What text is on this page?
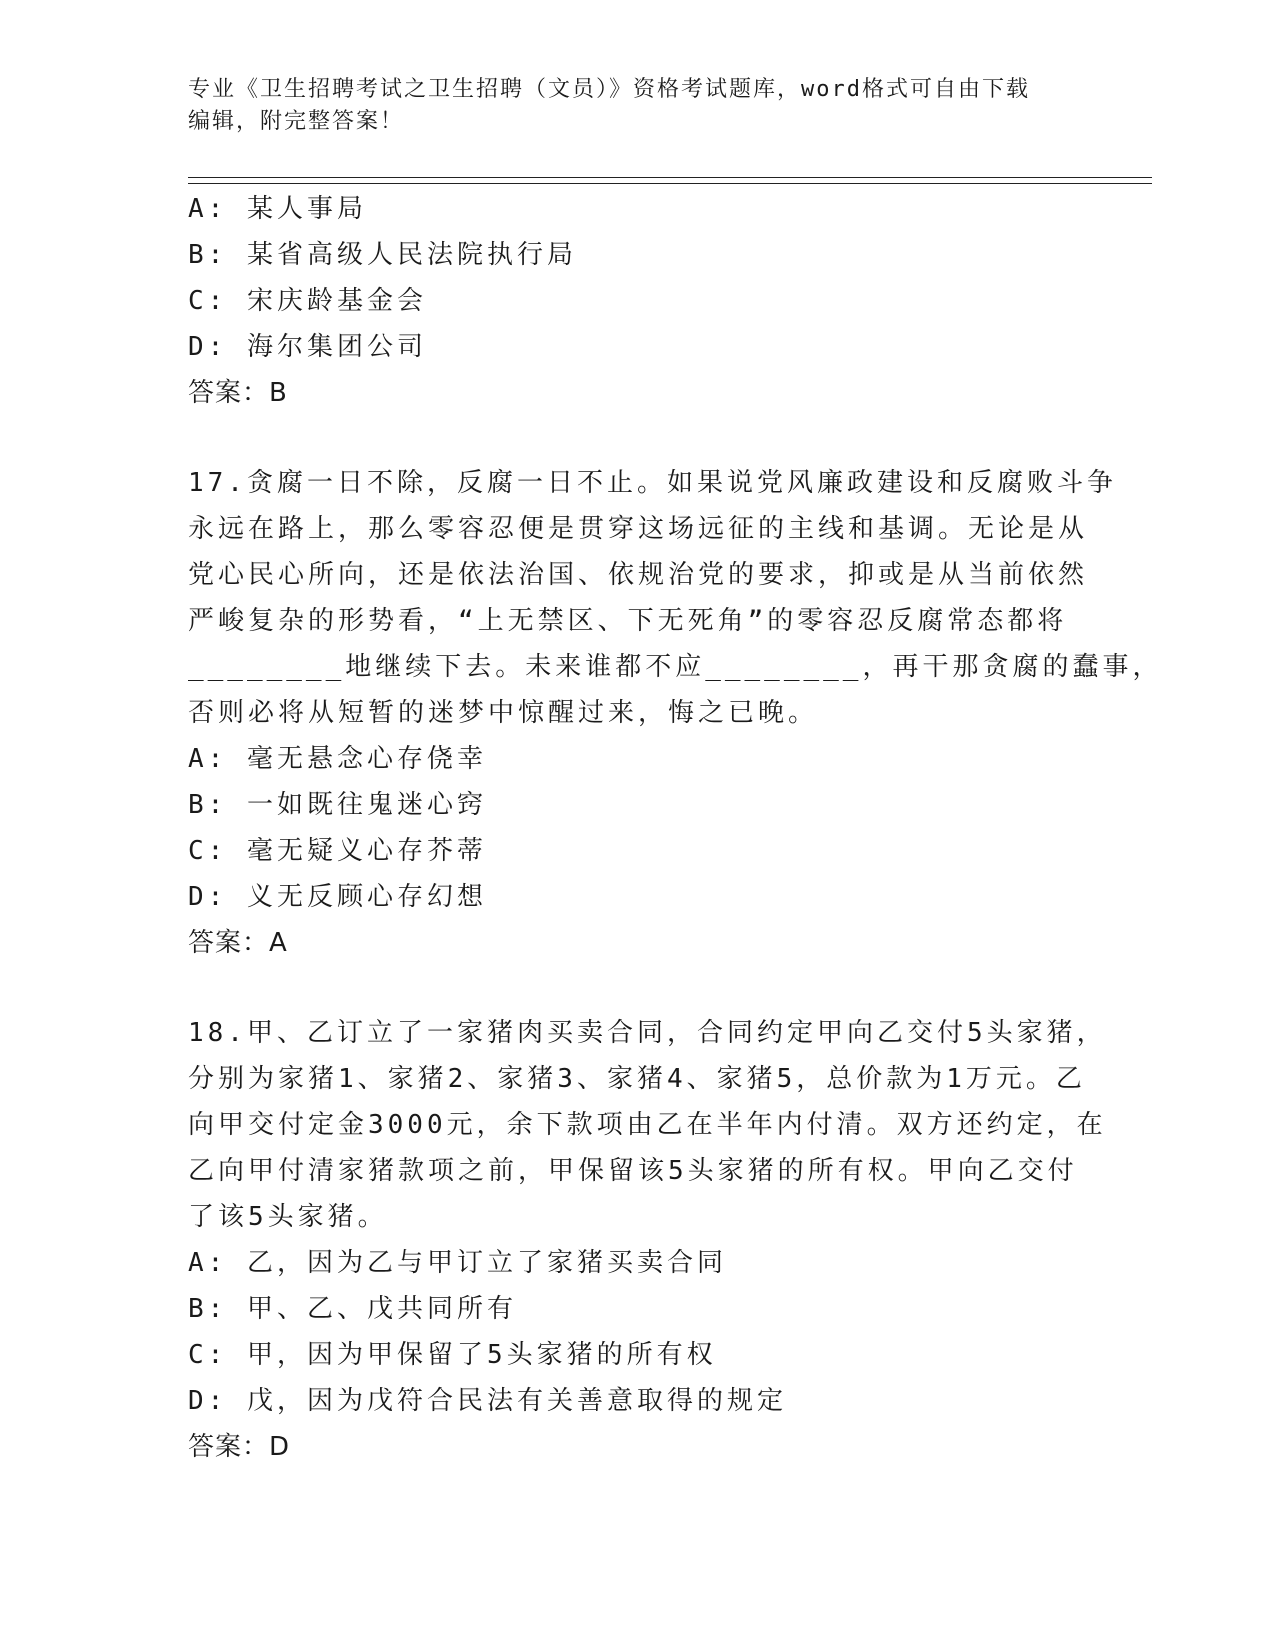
专业《卫生招聘考试之卫生招聘（文员）》资格考试题库，word格式可自由下载
编辑，附完整答案！
A: 某人事局
B: 某省高级人民法院执行局
C: 宋庆龄基金会
D: 海尔集团公司
答案：B
17.贪腐一日不除，反腐一日不止。如果说党风廉政建设和反腐败斗争
永远在路上，那么零容忍便是贯穿这场远征的主线和基调。无论是从
党心民心所向，还是依法治国、依规治党的要求，抑或是从当前依然
严峻复杂的形势看，“上无禁区、下无死角”的零容忍反腐常态都将
________地继续下去。未来谁都不应________，再干那贪腐的蠢事，
否则必将从短暂的迷梦中惊醒过来，悔之已晚。
A: 毫无悬念心存侥幸
B: 一如既往鬼迷心窍
C: 毫无疑义心存芥蒂
D: 义无反顾心存幻想
答案：A
18.甲、乙订立了一家猪肉买卖合同，合同约定甲向乙交付5头家猪，
分别为家猪1、家猪2、家猪3、家猪4、家猪5，总价款为1万元。乙
向甲交付定金3000元，余下款项由乙在半年内付清。双方还约定，在
乙向甲付清家猪款项之前，甲保留该5头家猪的所有权。甲向乙交付
了该5头家猪。
A: 乙，因为乙与甲订立了家猪买卖合同
B: 甲、乙、戊共同所有
C: 甲，因为甲保留了5头家猪的所有权
D: 戊，因为戊符合民法有关善意取得的规定
答案：D
